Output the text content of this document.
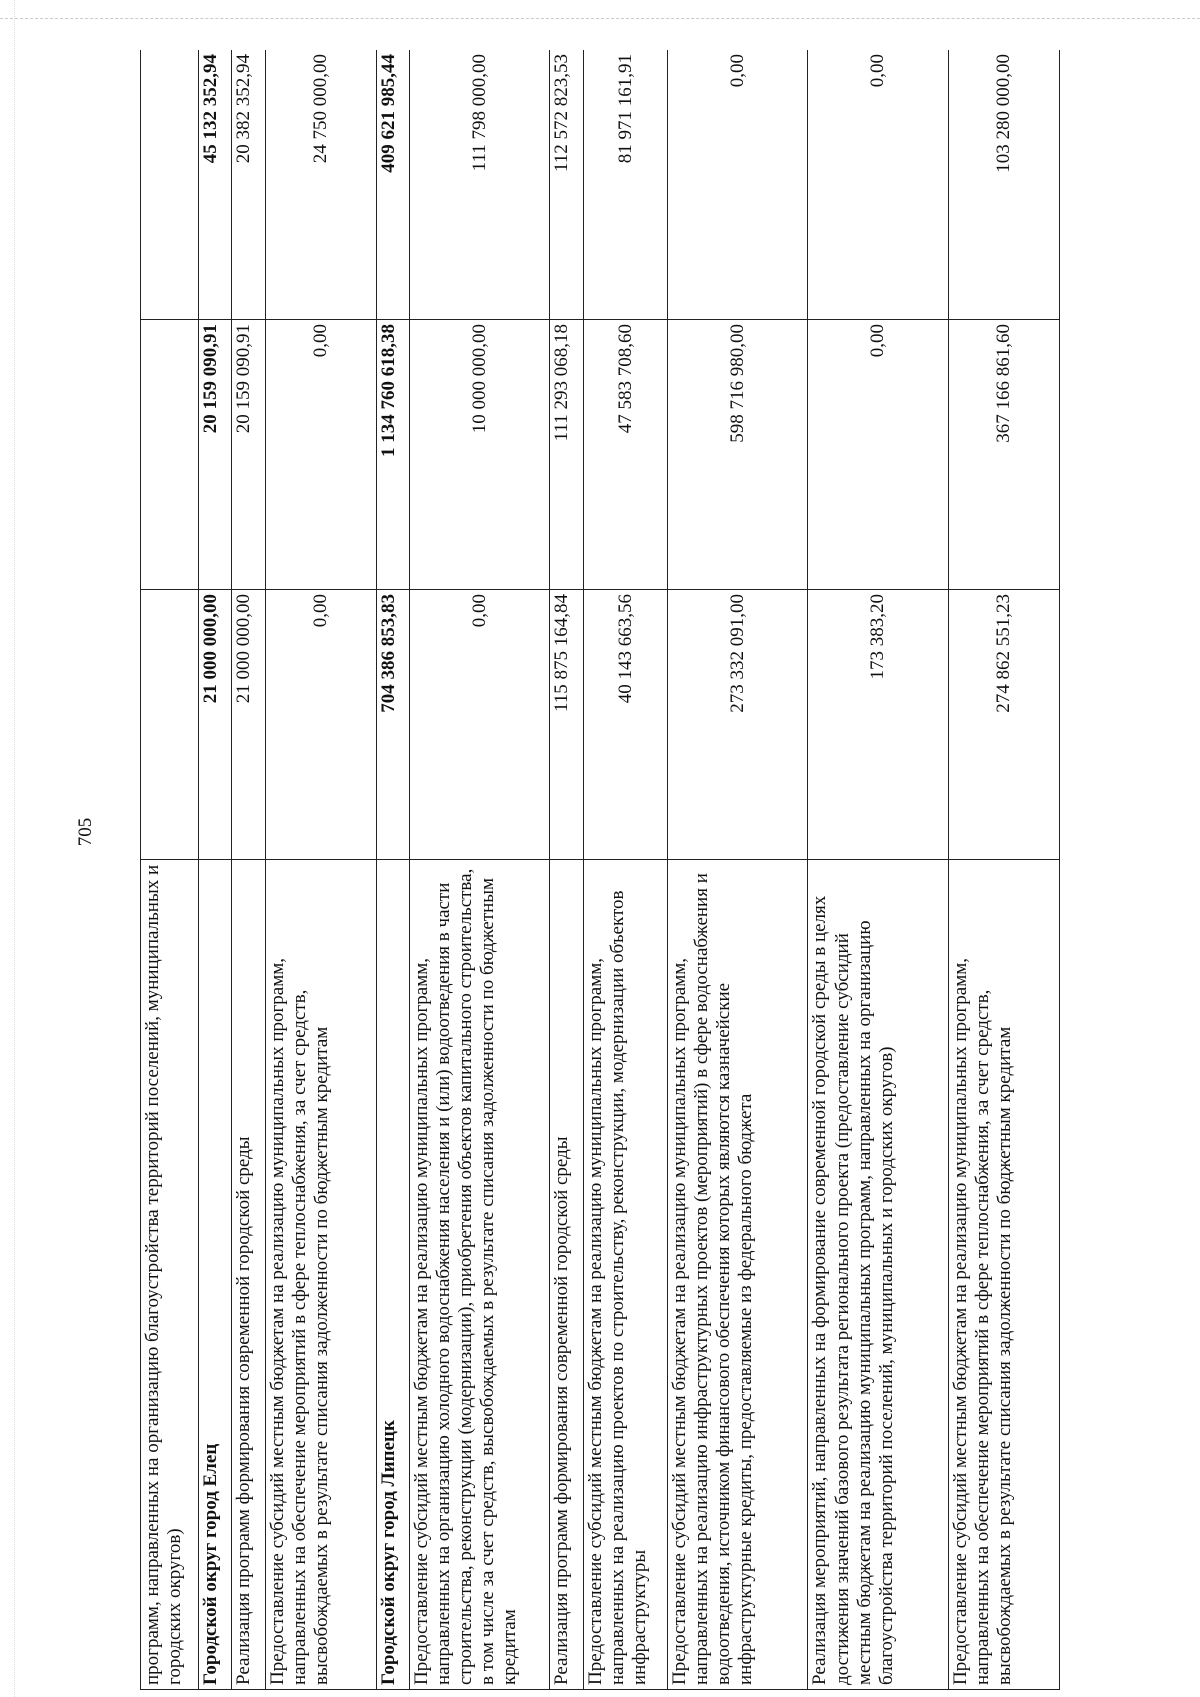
705
программ, направленных на организацию благоустройства территорий поселений, муниципальных и городских округов)			
Городской округ город Елец	21 000 000,00	20 159 090,91	45 132 352,94
Реализация программ формирования современной городской среды	21 000 000,00	20 159 090,91	20 382 352,94
Предоставление субсидий местным бюджетам на реализацию муниципальных программ, направленных на обеспечение мероприятий в сфере теплоснабжения, за счет средств, высвобождаемых в результате списания задолженности по бюджетным кредитам	0,00	0,00	24 750 000,00
Городской округ город Липецк	704 386 853,83	1 134 760 618,38	409 621 985,44
Предоставление субсидий местным бюджетам на реализацию муниципальных программ, направленных на организацию холодного водоснабжения населения и (или) водоотведения в части строительства, реконструкции (модернизации), приобретения объектов капитального строительства, в том числе за счет средств, высвобождаемых в результате списания задолженности по бюджетным кредитам	0,00	10 000 000,00	111 798 000,00
Реализация программ формирования современной городской среды	115 875 164,84	111 293 068,18	112 572 823,53
Предоставление субсидий местным бюджетам на реализацию муниципальных программ, направленных на реализацию проектов по строительству, реконструкции, модернизации объектов инфраструктуры	40 143 663,56	47 583 708,60	81 971 161,91
Предоставление субсидий местным бюджетам на реализацию муниципальных программ, направленных на реализацию инфраструктурных проектов (мероприятий) в сфере водоснабжения и водоотведения, источником финансового обеспечения которых являются казначейские инфраструктурные кредиты, предоставляемые из федерального бюджета	273 332 091,00	598 716 980,00	0,00
Реализация мероприятий, направленных на формирование современной городской среды в целях достижения значений базового результата регионального проекта (предоставление субсидий местным бюджетам на реализацию муниципальных программ, направленных на организацию благоустройства территорий поселений, муниципальных и городских округов)	173 383,20	0,00	0,00
Предоставление субсидий местным бюджетам на реализацию муниципальных программ, направленных на обеспечение мероприятий в сфере теплоснабжения, за счет средств, высвобождаемых в результате списания задолженности по бюджетным кредитам	274 862 551,23	367 166 861,60	103 280 000,00
